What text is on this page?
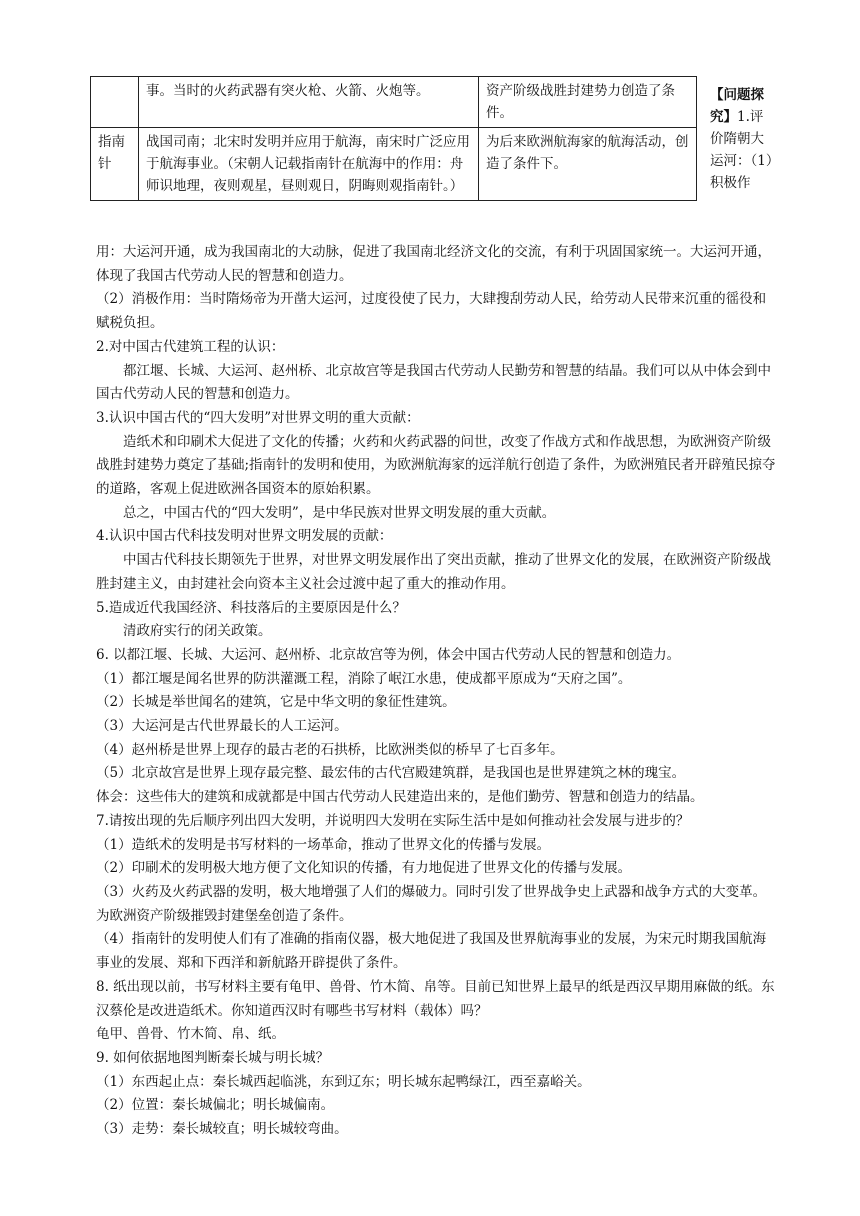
	事。当时的火药武器有突火枪、火箭、火炮等。	资产阶级战胜封建势力创造了条件。
指南针	战国司南；北宋时发明并应用于航海，南宋时广泛应用于航海事业。（宋朝人记载指南针在航海中的作用：舟师识地理，夜则观星，昼则观日，阴晦则观指南针。）	为后来欧洲航海家的航海活动，创造了条件下。
【问题探究】1.评价隋朝大运河：（1）积极作

用：大运河开通，成为我国南北的大动脉，促进了我国南北经济文化的交流，有利于巩固国家统一。大运河开通，体现了我国古代劳动人民的智慧和创造力。

（2）消极作用：当时隋炀帝为开凿大运河，过度役使了民力，大肆搜刮劳动人民，给劳动人民带来沉重的徭役和赋税负担。

2.对中国古代建筑工程的认识：

都江堰、长城、大运河、赵州桥、北京故宫等是我国古代劳动人民勤劳和智慧的结晶。我们可以从中体会到中国古代劳动人民的智慧和创造力。

3.认识中国古代的“四大发明”对世界文明的重大贡献：

造纸术和印刷术大促进了文化的传播；火药和火药武器的问世，改变了作战方式和作战思想，为欧洲资产阶级战胜封建势力奠定了基础;指南针的发明和使用，为欧洲航海家的远洋航行创造了条件，为欧洲殖民者开辟殖民掠夺的道路，客观上促进欧洲各国资本的原始积累。

总之，中国古代的“四大发明”，是中华民族对世界文明发展的重大贡献。

4.认识中国古代科技发明对世界文明发展的贡献：

中国古代科技长期领先于世界，对世界文明发展作出了突出贡献，推动了世界文化的发展，在欧洲资产阶级战胜封建主义，由封建社会向资本主义社会过渡中起了重大的推动作用。

5.造成近代我国经济、科技落后的主要原因是什么？

清政府实行的闭关政策。

6. 以都江堰、长城、大运河、赵州桥、北京故宫等为例，体会中国古代劳动人民的智慧和创造力。

（1）都江堰是闻名世界的防洪灌溉工程，消除了岷江水患，使成都平原成为“天府之国”。

（2）长城是举世闻名的建筑，它是中华文明的象征性建筑。

（3）大运河是古代世界最长的人工运河。

（4）赵州桥是世界上现存的最古老的石拱桥，比欧洲类似的桥早了七百多年。

（5）北京故宫是世界上现存最完整、最宏伟的古代宫殿建筑群，是我国也是世界建筑之林的瑰宝。

体会：这些伟大的建筑和成就都是中国古代劳动人民建造出来的，是他们勤劳、智慧和创造力的结晶。

7.请按出现的先后顺序列出四大发明，并说明四大发明在实际生活中是如何推动社会发展与进步的？

（1）造纸术的发明是书写材料的一场革命，推动了世界文化的传播与发展。

（2）印刷术的发明极大地方便了文化知识的传播，有力地促进了世界文化的传播与发展。

（3）火药及火药武器的发明，极大地增强了人们的爆破力。同时引发了世界战争史上武器和战争方式的大变革。为欧洲资产阶级摧毁封建堡垒创造了条件。

（4）指南针的发明使人们有了准确的指南仪器，极大地促进了我国及世界航海事业的发展，为宋元时期我国航海事业的发展、郑和下西洋和新航路开辟提供了条件。

8. 纸出现以前，书写材料主要有龟甲、兽骨、竹木简、帛等。目前已知世界上最早的纸是西汉早期用麻做的纸。东汉蔡伦是改进造纸术。你知道西汉时有哪些书写材料（载体）吗？

龟甲、兽骨、竹木简、帛、纸。

9. 如何依据地图判断秦长城与明长城？

（1）东西起止点：秦长城西起临洮，东到辽东；明长城东起鸭绿江，西至嘉峪关。

（2）位置：秦长城偏北；明长城偏南。

（3）走势：秦长城较直；明长城较弯曲。
